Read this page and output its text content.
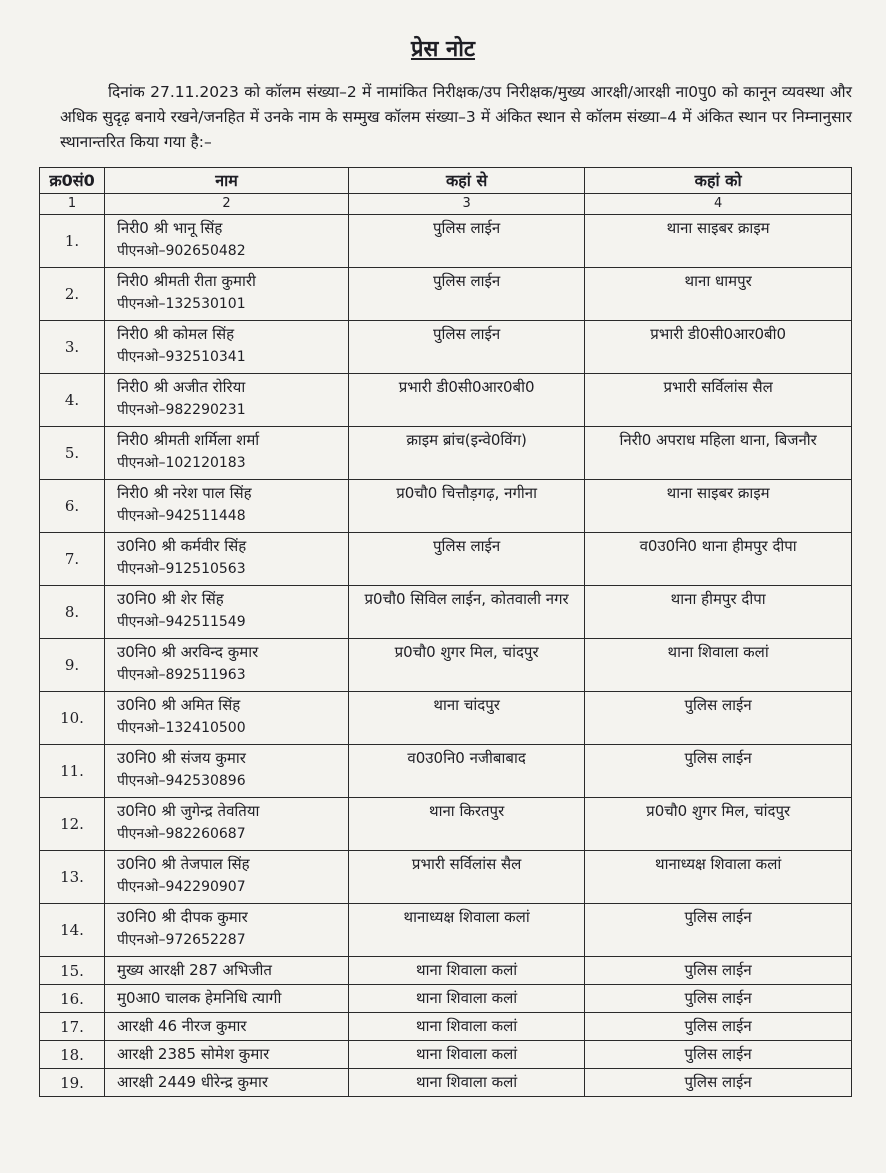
प्रेस नोट

दिनांक 27.11.2023 को कॉलम संख्या–2 में नामांकित निरीक्षक/उप निरीक्षक/मुख्य आरक्षी/आरक्षी ना0पु0 को कानून व्यवस्था और अधिक सुदृढ़ बनाये रखने/जनहित में उनके नाम के सम्मुख कॉलम संख्या–3 में अंकित स्थान से कॉलम संख्या–4 में अंकित स्थान पर निम्नानुसार स्थानान्तरित किया गया है:–

क्र0सं0	नाम	कहां से	कहां को
1	2	3	4
1.	निरी0 श्री भानू सिंह
पीएनओ–902650482	पुलिस लाईन	थाना साइबर क्राइम
2.	निरी0 श्रीमती रीता कुमारी
पीएनओ–132530101	पुलिस लाईन	थाना धामपुर
3.	निरी0 श्री कोमल सिंह
पीएनओ–932510341	पुलिस लाईन	प्रभारी डी0सी0आर0बी0
4.	निरी0 श्री अजीत रोरिया
पीएनओ–982290231	प्रभारी डी0सी0आर0बी0	प्रभारी सर्विलांस सैल
5.	निरी0 श्रीमती शर्मिला शर्मा
पीएनओ–102120183	क्राइम ब्रांच(इन्वे0विंग)	निरी0 अपराध महिला थाना, बिजनौर
6.	निरी0 श्री नरेश पाल सिंह
पीएनओ–942511448	प्र0चौ0 चित्तौड़गढ़, नगीना	थाना साइबर क्राइम
7.	उ0नि0 श्री कर्मवीर सिंह
पीएनओ–912510563	पुलिस लाईन	व0उ0नि0 थाना हीमपुर दीपा
8.	उ0नि0 श्री शेर सिंह
पीएनओ–942511549	प्र0चौ0 सिविल लाईन, कोतवाली नगर	थाना हीमपुर दीपा
9.	उ0नि0 श्री अरविन्द कुमार
पीएनओ–892511963	प्र0चौ0 शुगर मिल, चांदपुर	थाना शिवाला कलां
10.	उ0नि0 श्री अमित सिंह
पीएनओ–132410500	थाना चांदपुर	पुलिस लाईन
11.	उ0नि0 श्री संजय कुमार
पीएनओ–942530896	व0उ0नि0 नजीबाबाद	पुलिस लाईन
12.	उ0नि0 श्री जुगेन्द्र तेवतिया
पीएनओ–982260687	थाना किरतपुर	प्र0चौ0 शुगर मिल, चांदपुर
13.	उ0नि0 श्री तेजपाल सिंह
पीएनओ–942290907	प्रभारी सर्विलांस सैल	थानाध्यक्ष शिवाला कलां
14.	उ0नि0 श्री दीपक कुमार
पीएनओ–972652287	थानाध्यक्ष शिवाला कलां	पुलिस लाईन
15.	मुख्य आरक्षी 287 अभिजीत	थाना शिवाला कलां	पुलिस लाईन
16.	मु0आ0 चालक हेमनिधि त्यागी	थाना शिवाला कलां	पुलिस लाईन
17.	आरक्षी 46 नीरज कुमार	थाना शिवाला कलां	पुलिस लाईन
18.	आरक्षी 2385 सोमेश कुमार	थाना शिवाला कलां	पुलिस लाईन
19.	आरक्षी 2449 धीरेन्द्र कुमार	थाना शिवाला कलां	पुलिस लाईन
